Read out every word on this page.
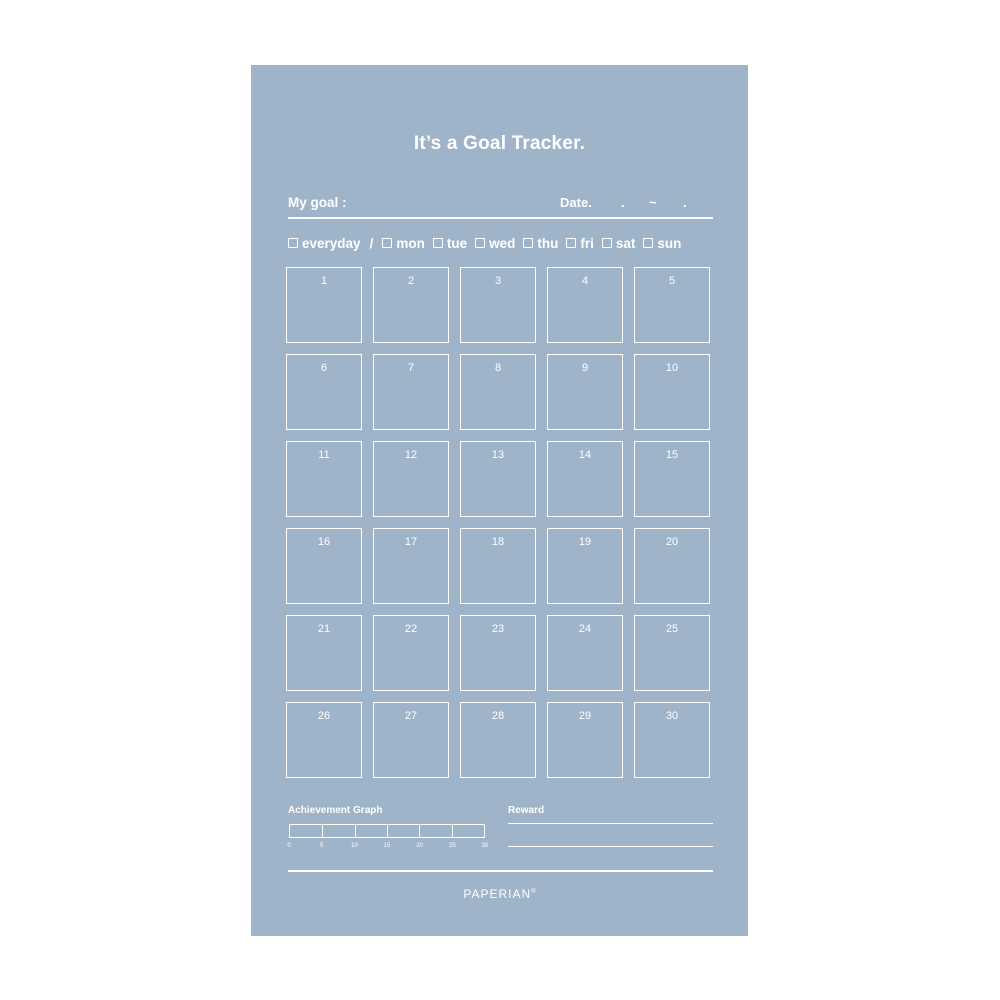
It’s a Goal Tracker.
My goal :	Date. . ~ .
everyday / mon tue wed thu fri sat sun
1	2	3	4	5
6	7	8	9	10
11	12	13	14	15
16	17	18	19	20
21	22	23	24	25
26	27	28	29	30
Achievement Graph	Reward
0	5	10	15	20	25	30
PAPERIAN®
